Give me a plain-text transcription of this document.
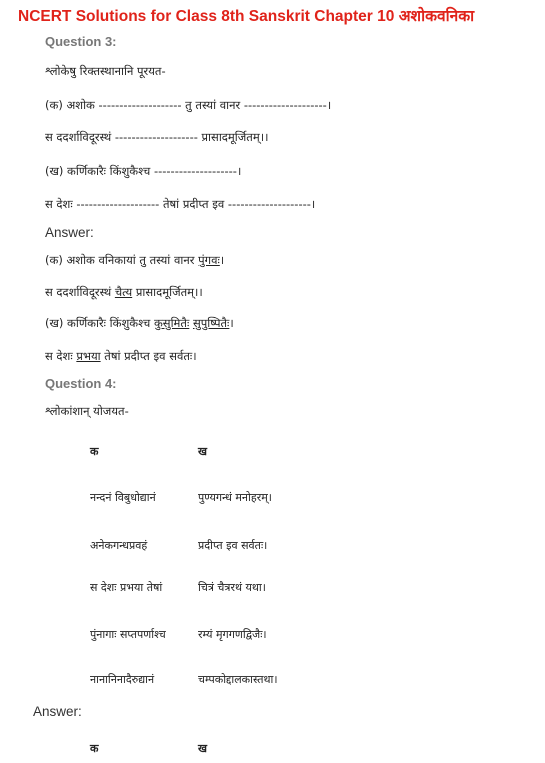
NCERT Solutions for Class 8th Sanskrit Chapter 10 अशोकवनिका
Question 3:
श्लोकेषु रिक्तस्थानानि पूरयत-
(क) अशोक -------------------- तु तस्यां वानर --------------------।
स ददर्शाविदूरस्थं -------------------- प्रासादमूर्जितम्।।
(ख) कर्णिकारैः किंशुकैश्च --------------------।
स देशः -------------------- तेषां प्रदीप्त इव --------------------।
Answer:
(क) अशोक वनिकायां तु तस्यां वानर पुंगवः।
स ददर्शाविदूरस्थं चैत्य प्रासादमूर्जितम्।।
(ख) कर्णिकारैः किंशुकैश्च कुसुमितैः सुपुष्पितैः।
स देशः प्रभया तेषां प्रदीप्त इव सर्वतः।
Question 4:
श्लोकांशान् योजयत-
क	ख
नन्दनं विबुधोद्यानं	पुण्यगन्धं मनोहरम्।
अनेकगन्धप्रवहं	प्रदीप्त इव सर्वतः।
स देशः प्रभया तेषां	चित्रं चैत्ररथं यथा।
पुंनागाः सप्तपर्णाश्च	रम्यं मृगगणद्विजैः।
नानानिनादैरुद्यानं	चम्पकोद्दालकास्तथा।
Answer:
क	ख
